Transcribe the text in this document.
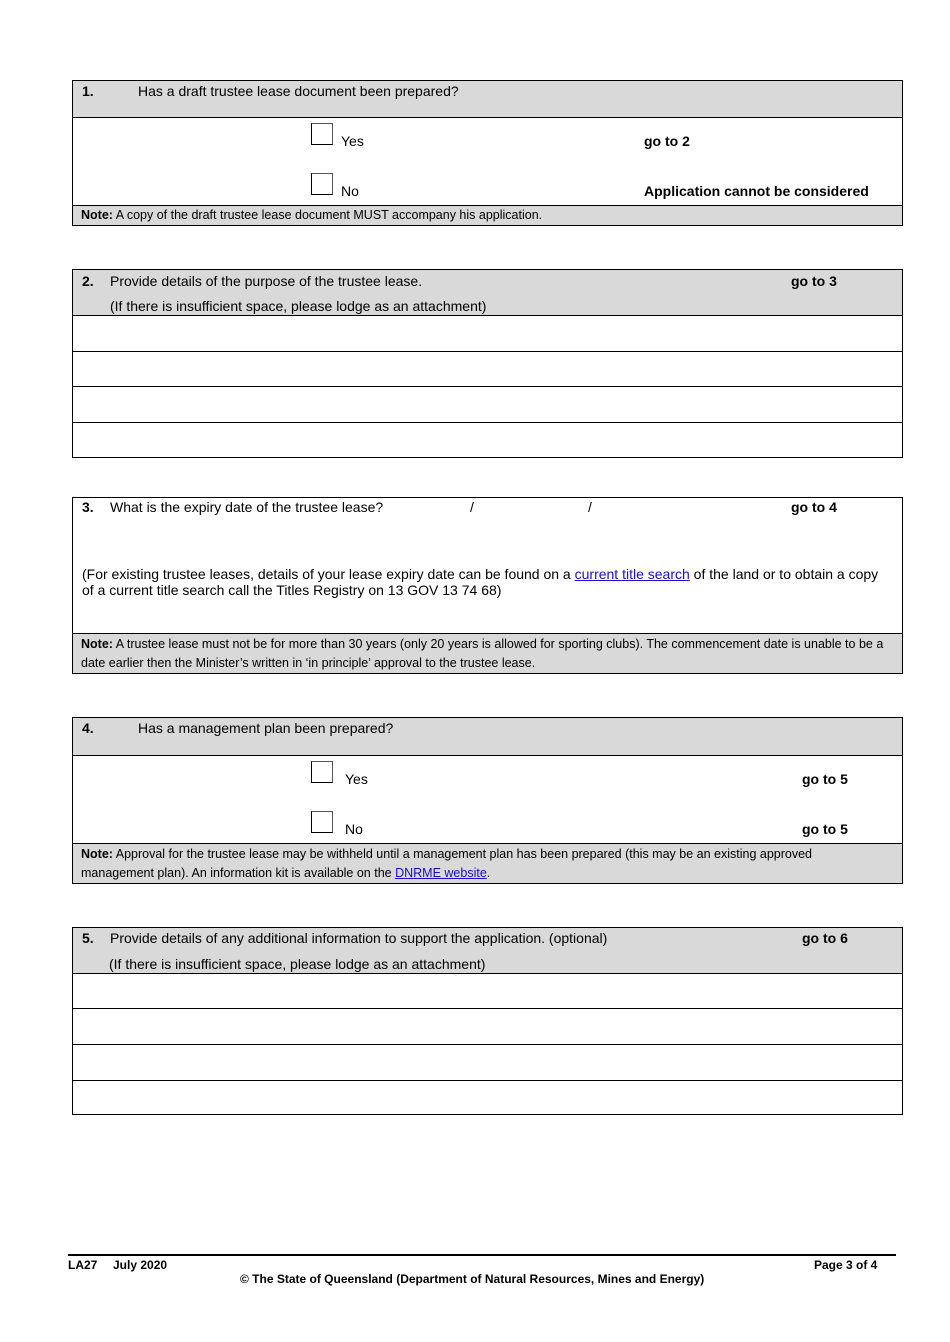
1.	Has a draft trustee lease document been prepared?
Yes	go to 2
No	Application cannot be considered
Note: A copy of the draft trustee lease document MUST accompany his application.
2. Provide details of the purpose of the trustee lease.	go to 3
(If there is insufficient space, please lodge as an attachment)
3. What is the expiry date of the trustee lease?	/	/	go to 4
(For existing trustee leases, details of your lease expiry date can be found on a current title search of the land or to obtain a copy of a current title search call the Titles Registry on 13 GOV 13 74 68)
Note: A trustee lease must not be for more than 30 years (only 20 years is allowed for sporting clubs). The commencement date is unable to be a date earlier then the Minister’s written in ‘in principle’ approval to the trustee lease.
4.	Has a management plan been prepared?
Yes	go to 5
No	go to 5
Note: Approval for the trustee lease may be withheld until a management plan has been prepared (this may be an existing approved management plan). An information kit is available on the DNRME website.
5. Provide details of any additional information to support the application. (optional)	go to 6
(If there is insufficient space, please lodge as an attachment)
LA27 July 2020	Page 3 of 4
© The State of Queensland (Department of Natural Resources, Mines and Energy)
